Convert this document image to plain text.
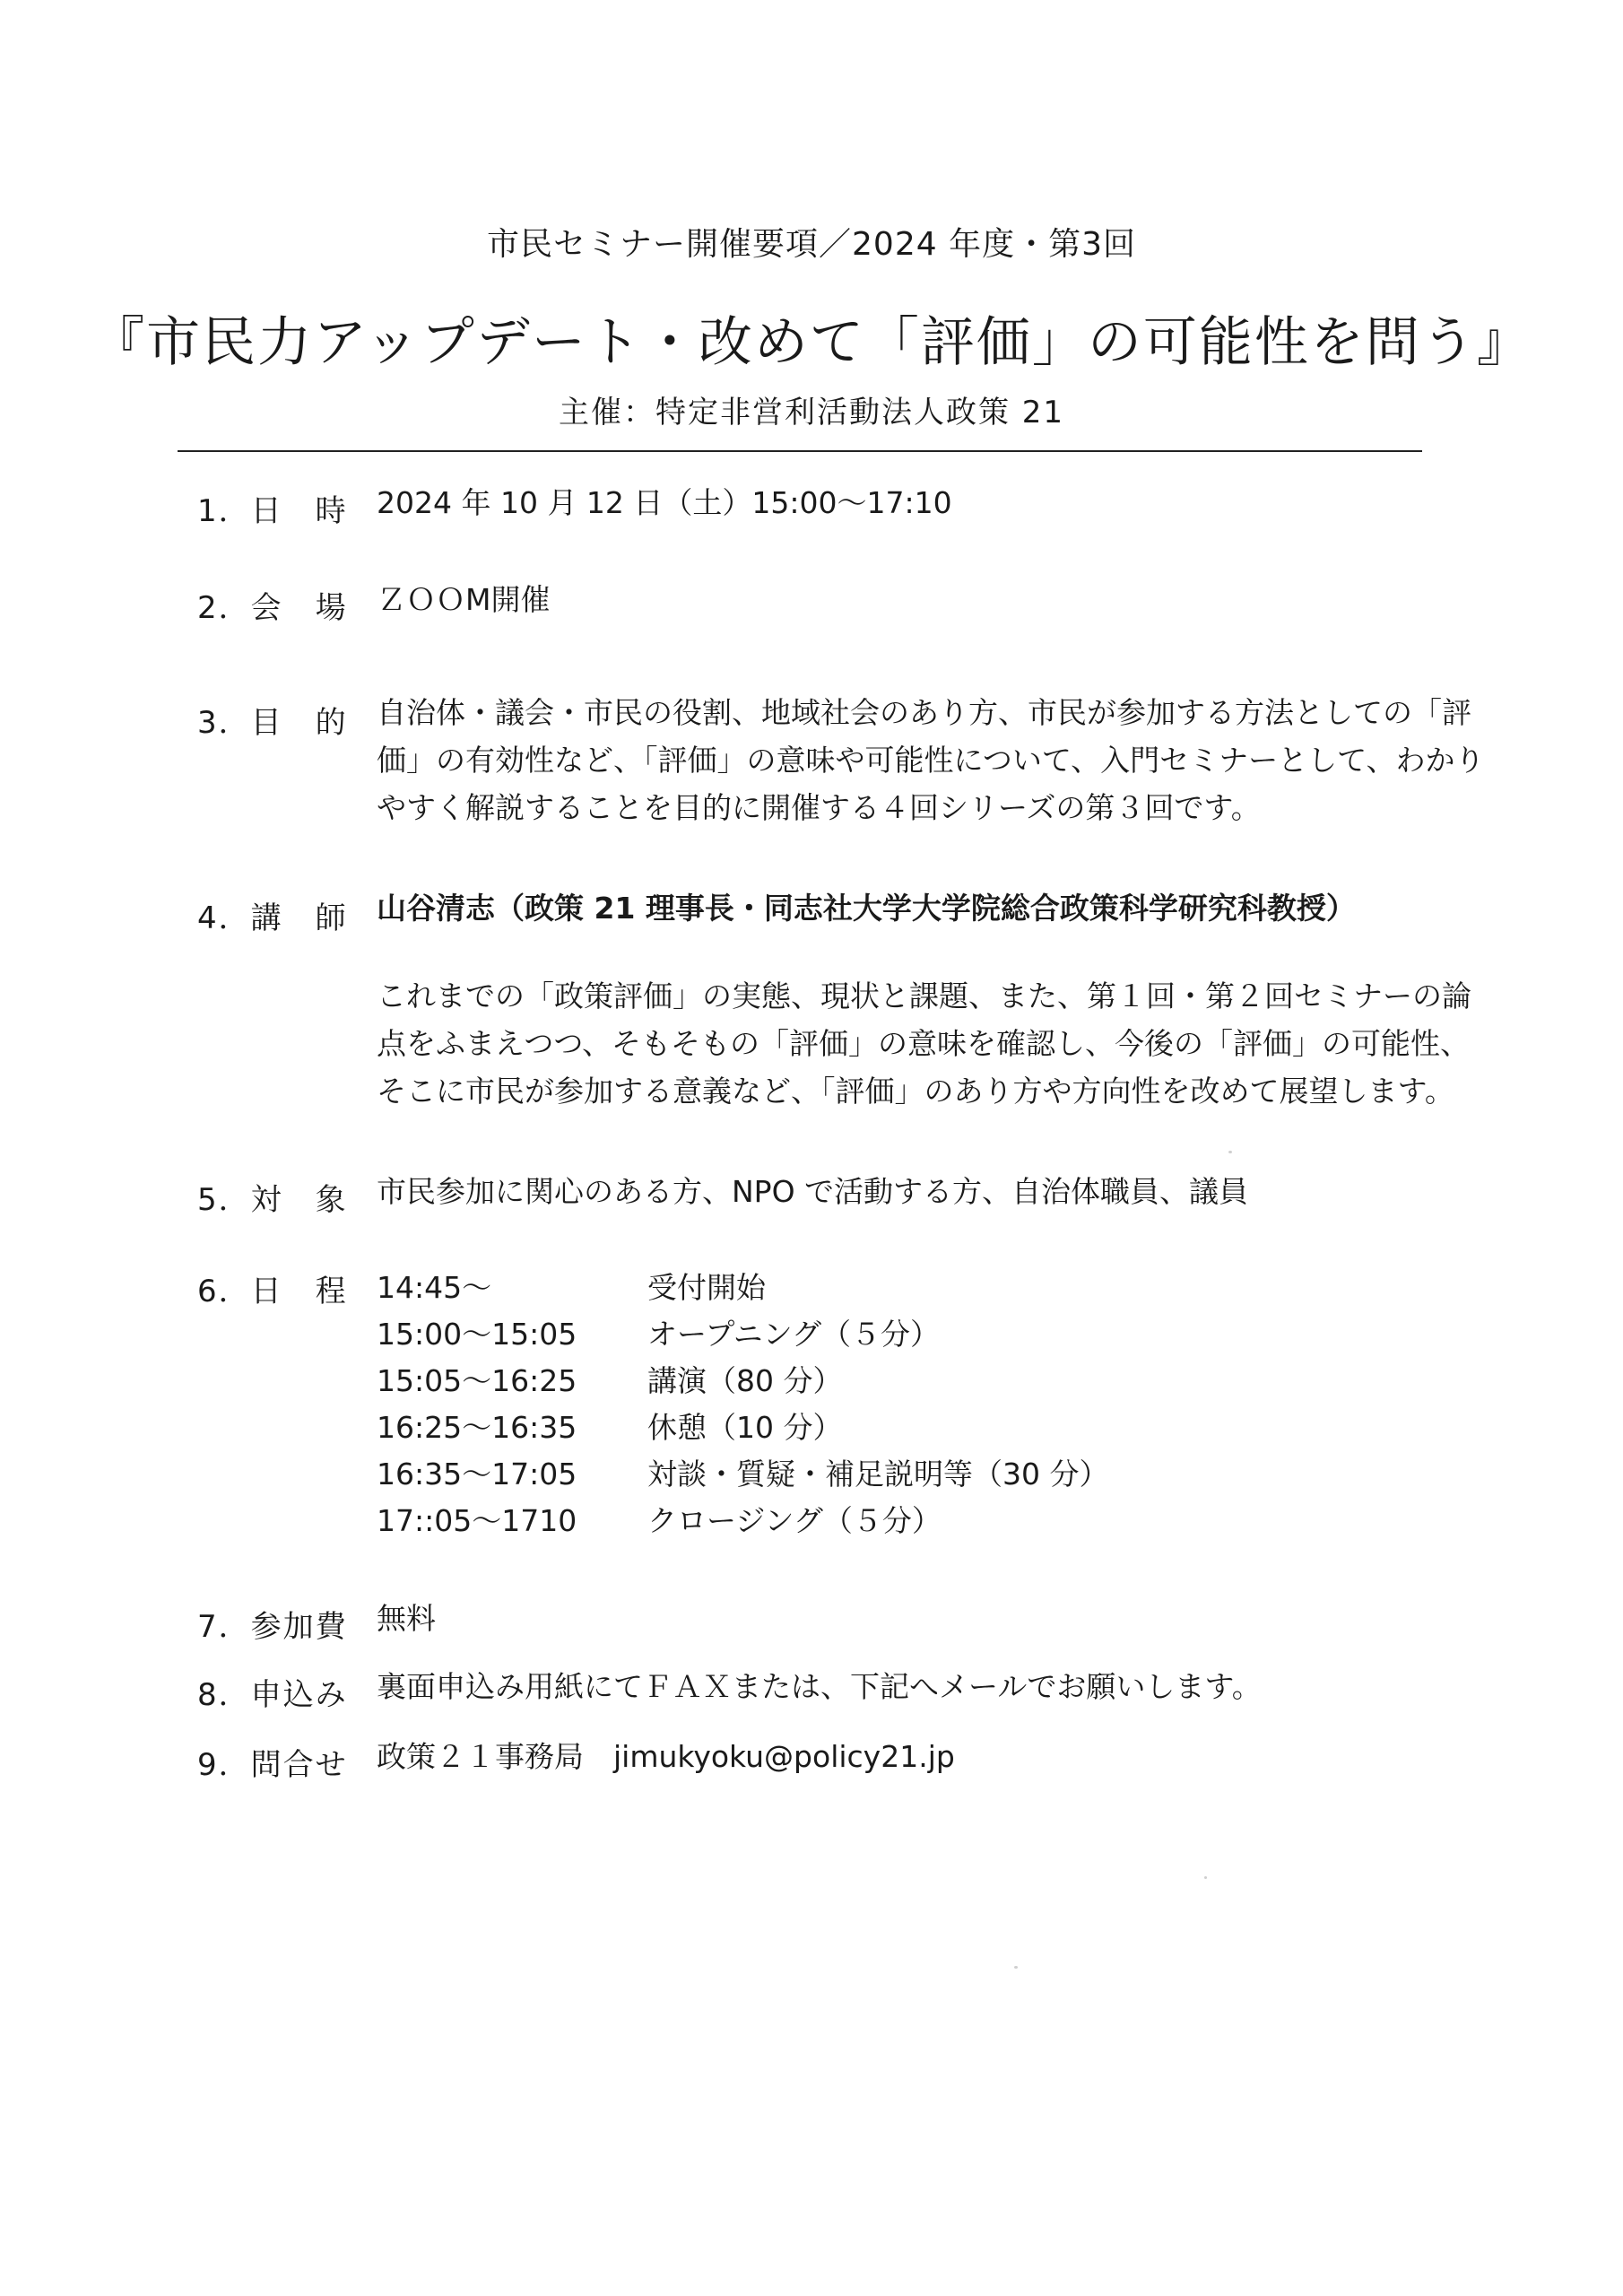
市民セミナー開催要項／2024 年度・第3回
『市民力アップデート・改めて「評価」の可能性を問う』
主催：特定非営利活動法人政策 21
1．日　時 2024 年 10 月 12 日（土）15:00～17:10
2．会　場 ＺＯＯM開催
3．目　的 自治体・議会・市民の役割、地域社会のあり方、市民が参加する方法としての「評
価」の有効性など、「評価」の意味や可能性について、入門セミナーとして、わかり
やすく解説することを目的に開催する４回シリーズの第３回です。
4．講　師 山谷清志（政策 21 理事長・同志社大学大学院総合政策科学研究科教授）
これまでの「政策評価」の実態、現状と課題、また、第１回・第２回セミナーの論
点をふまえつつ、そもそもの「評価」の意味を確認し、今後の「評価」の可能性、
そこに市民が参加する意義など、「評価」のあり方や方向性を改めて展望します。
5．対　象 市民参加に関心のある方、NPO で活動する方、自治体職員、議員
6．日　程 14:45～	受付開始
15:00～15:05 オープニング（５分）
15:05～16:25 講演（80 分）
16:25～16:35 休憩（10 分）
16:35～17:05 対談・質疑・補足説明等（30 分）
17::05～1710 クロージング（５分）
7．参加費 無料
8．申込み 裏面申込み用紙にてＦＡＸまたは、下記へメールでお願いします。
9．問合せ 政策２１事務局　jimukyoku@policy21.jp
